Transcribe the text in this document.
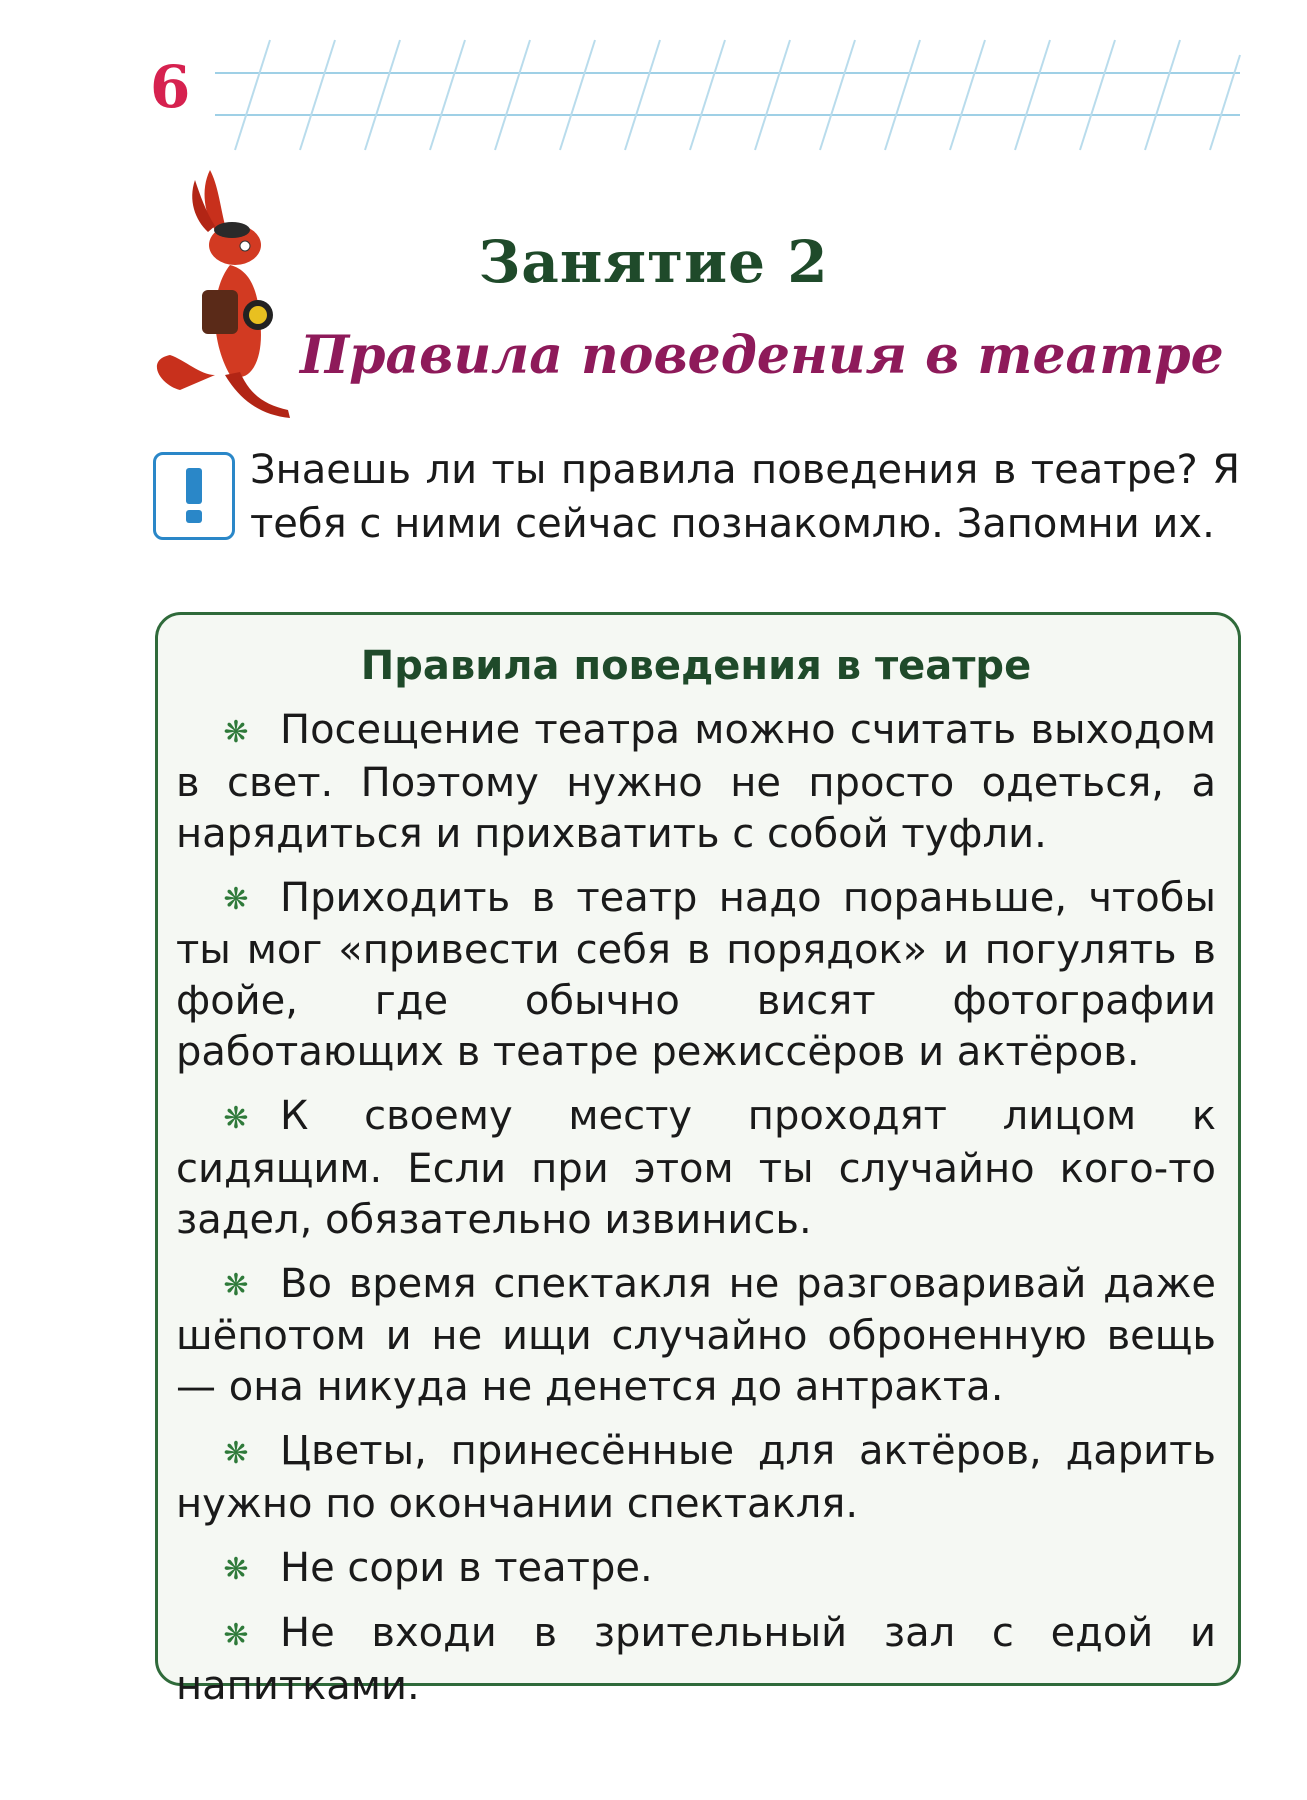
6
Занятие 2
Правила поведения в театре
Знаешь ли ты правила поведения в театре? Я тебя с ними сейчас познакомлю. Запомни их.
Правила поведения в театре
❋ Посещение театра можно считать выходом в свет. Поэтому нужно не просто одеться, а нарядиться и прихватить с собой туфли.
❋ Приходить в театр надо пораньше, чтобы ты мог «привести себя в порядок» и погулять в фойе, где обычно висят фотографии работающих в театре режиссёров и актёров.
❋ К своему месту проходят лицом к сидящим. Если при этом ты случайно кого-то задел, обязательно извинись.
❋ Во время спектакля не разговаривай даже шёпотом и не ищи случайно оброненную вещь — она никуда не денется до антракта.
❋ Цветы, принесённые для актёров, дарить нужно по окончании спектакля.
❋ Не сори в театре.
❋ Не входи в зрительный зал с едой и напитками.
